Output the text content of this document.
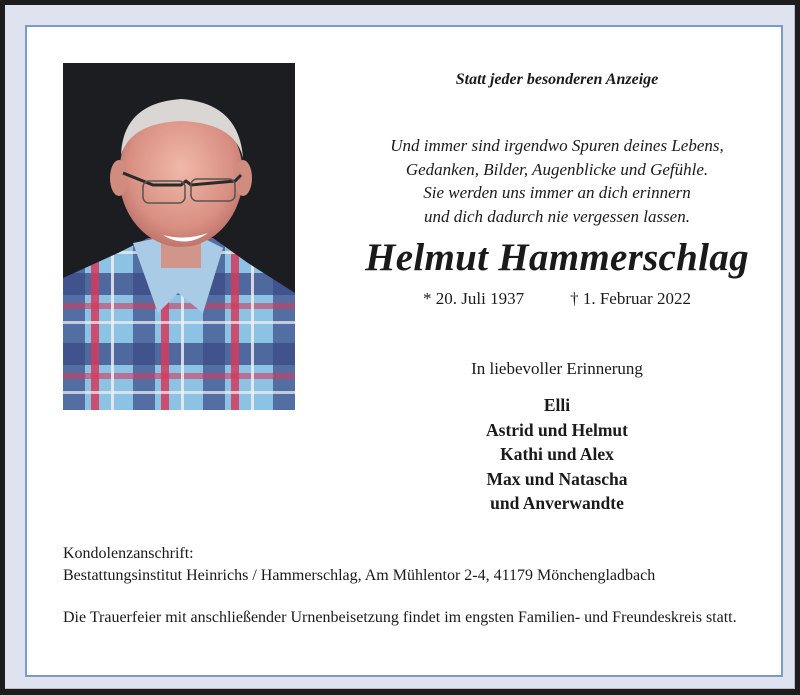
Statt jeder besonderen Anzeige
Und immer sind irgendwo Spuren deines Lebens,
Gedanken, Bilder, Augenblicke und Gefühle.
Sie werden uns immer an dich erinnern
und dich dadurch nie vergessen lassen.
Helmut Hammerschlag
* 20. Juli 1937	† 1. Februar 2022
In liebevoller Erinnerung
Elli
Astrid und Helmut
Kathi und Alex
Max und Natascha
und Anverwandte
Kondolenzanschrift:
Bestattungsinstitut Heinrichs / Hammerschlag, Am Mühlentor 2-4, 41179 Mönchengladbach
Die Trauerfeier mit anschließender Urnenbeisetzung findet im engsten Familien- und Freundeskreis statt.
